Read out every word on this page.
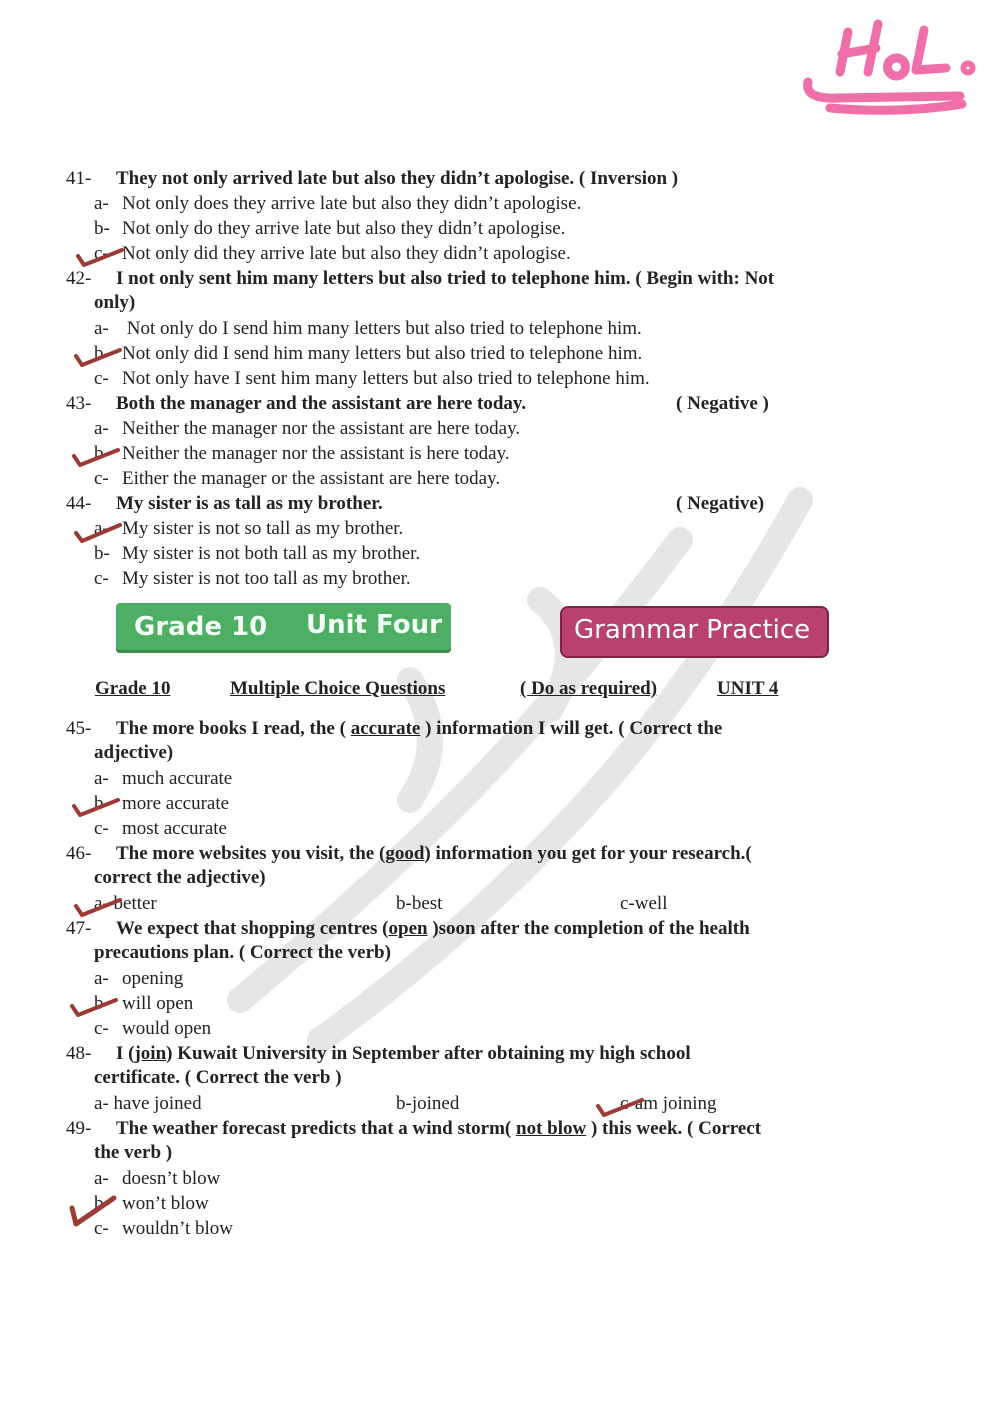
41- They not only arrived late but also they didn’t apologise. ( Inversion )
a- Not only does they arrive late but also they didn’t apologise.
b- Not only do they arrive late but also they didn’t apologise.
c- Not only did they arrive late but also they didn’t apologise.
42- I not only sent him many letters but also tried to telephone him. ( Begin with: Not
only)
a- Not only do I send him many letters but also tried to telephone him.
b- Not only did I send him many letters but also tried to telephone him.
c- Not only have I sent him many letters but also tried to telephone him.
43- Both the manager and the assistant are here today.	( Negative )
a- Neither the manager nor the assistant are here today.
b- Neither the manager nor the assistant is here today.
c- Either the manager or the assistant are here today.
44- My sister is as tall as my brother.	( Negative)
a- My sister is not so tall as my brother.
b- My sister is not both tall as my brother.
c- My sister is not too tall as my brother.
Grade 10 Unit Four	Grammar Practice
Grade 10	Multiple Choice Questions	( Do as required)	UNIT 4
45- The more books I read, the ( accurate ) information I will get. ( Correct the
adjective)
a- much accurate
b- more accurate
c- most accurate
46- The more websites you visit, the (good) information you get for your research.(
correct the adjective)
a- better	b-best	c-well
47- We expect that shopping centres (open )soon after the completion of the health
precautions plan. ( Correct the verb)
a- opening
b- will open
c- would open
48- I (join) Kuwait University in September after obtaining my high school
certificate. ( Correct the verb )
a- have joined	b-joined	c-am joining
49- The weather forecast predicts that a wind storm( not blow ) this week. ( Correct
the verb )
a- doesn’t blow
b- won’t blow
c- wouldn’t blow
